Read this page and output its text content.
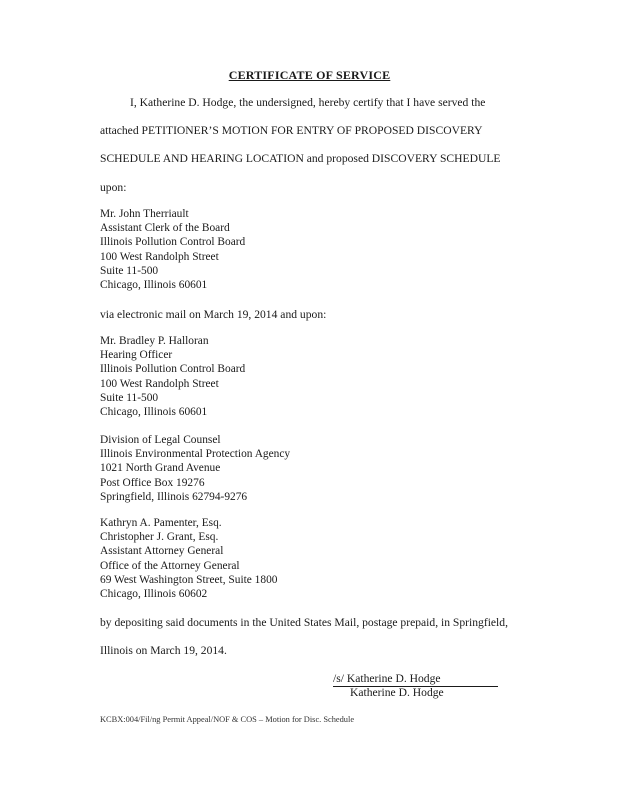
CERTIFICATE OF SERVICE
I, Katherine D. Hodge, the undersigned, hereby certify that I have served the
attached PETITIONER’S MOTION FOR ENTRY OF PROPOSED DISCOVERY
SCHEDULE AND HEARING LOCATION and proposed DISCOVERY SCHEDULE
upon:
Mr. John Therriault
Assistant Clerk of the Board
Illinois Pollution Control Board
100 West Randolph Street
Suite 11-500
Chicago, Illinois 60601
via electronic mail on March 19, 2014 and upon:
Mr. Bradley P. Halloran
Hearing Officer
Illinois Pollution Control Board
100 West Randolph Street
Suite 11-500
Chicago, Illinois 60601
Division of Legal Counsel
Illinois Environmental Protection Agency
1021 North Grand Avenue
Post Office Box 19276
Springfield, Illinois 62794-9276
Kathryn A. Pamenter, Esq.
Christopher J. Grant, Esq.
Assistant Attorney General
Office of the Attorney General
69 West Washington Street, Suite 1800
Chicago, Illinois 60602
by depositing said documents in the United States Mail, postage prepaid, in Springfield,
Illinois on March 19, 2014.
/s/ Katherine D. Hodge
Katherine D. Hodge
KCBX:004/Fil/ng Permit Appeal/NOF & COS – Motion for Disc. Schedule
